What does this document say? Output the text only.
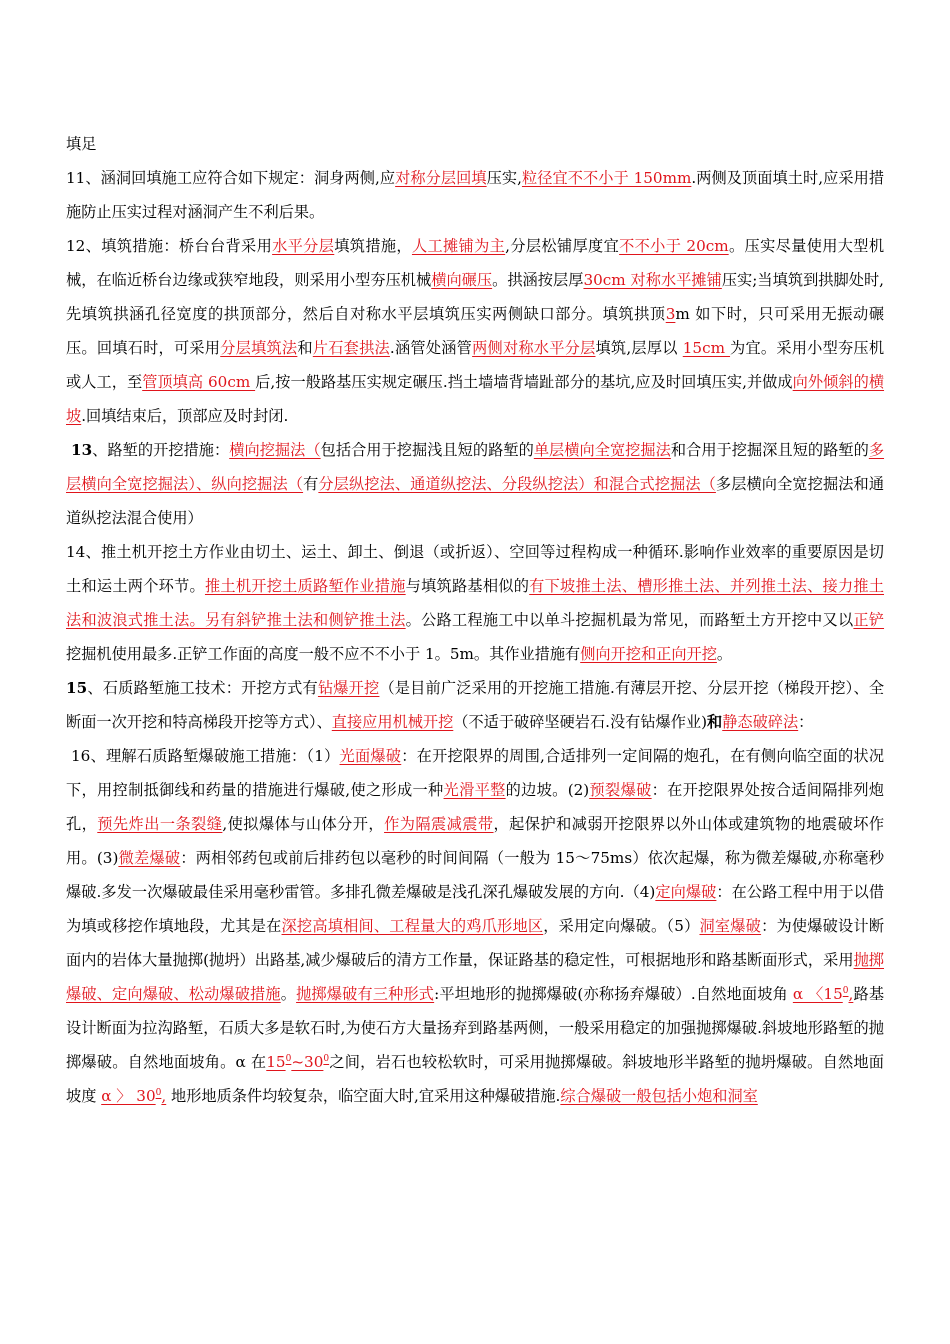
填足

11、涵洞回填施工应符合如下规定：洞身两侧,应对称分层回填压实,粒径宜不不小于 150mm.两侧及顶面填土时,应采用措施防止压实过程对涵洞产生不利后果。

12、填筑措施：桥台台背采用水平分层填筑措施，人工摊铺为主,分层松铺厚度宜不不小于 20cm。压实尽量使用大型机械，在临近桥台边缘或狭窄地段，则采用小型夯压机械横向碾压。拱涵按层厚30cm 对称水平摊铺压实;当填筑到拱脚处时,先填筑拱涵孔径宽度的拱顶部分，然后自对称水平层填筑压实两侧缺口部分。填筑拱顶3m 如下时，只可采用无振动碾压。回填石时，可采用分层填筑法和片石套拱法.涵管处涵管两侧对称水平分层填筑,层厚以 15cm 为宜。采用小型夯压机或人工，至管顶填高 60cm 后,按一般路基压实规定碾压.挡土墙墙背墙趾部分的基坑,应及时回填压实,并做成向外倾斜的横坡.回填结束后，顶部应及时封闭.

13、路堑的开挖措施：横向挖掘法（包括合用于挖掘浅且短的路堑的单层横向全宽挖掘法和合用于挖掘深且短的路堑的多层横向全宽挖掘法）、纵向挖掘法（有分层纵挖法、通道纵挖法、分段纵挖法）和混合式挖掘法（多层横向全宽挖掘法和通道纵挖法混合使用）

14、推土机开挖土方作业由切土、运土、卸土、倒退（或折返）、空回等过程构成一种循环.影响作业效率的重要原因是切土和运土两个环节。推土机开挖土质路堑作业措施与填筑路基相似的有下坡推土法、槽形推土法、并列推土法、接力推土法和波浪式推土法。另有斜铲推土法和侧铲推土法。公路工程施工中以单斗挖掘机最为常见，而路堑土方开挖中又以正铲挖掘机使用最多.正铲工作面的高度一般不应不不小于 1。5m。其作业措施有侧向开挖和正向开挖。

15、石质路堑施工技术：开挖方式有钻爆开挖（是目前广泛采用的开挖施工措施.有薄层开挖、分层开挖（梯段开挖）、全断面一次开挖和特高梯段开挖等方式）、直接应用机械开挖（不适于破碎坚硬岩石.没有钻爆作业)和静态破碎法：

16、理解石质路堑爆破施工措施：（1）光面爆破：在开挖限界的周围,合适排列一定间隔的炮孔，在有侧向临空面的状况下，用控制抵御线和药量的措施进行爆破,使之形成一种光滑平整的边坡。(2)预裂爆破：在开挖限界处按合适间隔排列炮孔，预先炸出一条裂缝,使拟爆体与山体分开，作为隔震减震带，起保护和减弱开挖限界以外山体或建筑物的地震破坏作用。(3)微差爆破：两相邻药包或前后排药包以毫秒的时间间隔（一般为 15～75ms）依次起爆，称为微差爆破,亦称毫秒爆破.多发一次爆破最佳采用毫秒雷管。多排孔微差爆破是浅孔深孔爆破发展的方向.（4)定向爆破：在公路工程中用于以借为填或移挖作填地段，尤其是在深挖高填相间、工程量大的鸡爪形地区，采用定向爆破。（5）洞室爆破：为使爆破设计断面内的岩体大量抛掷(抛坍）出路基,减少爆破后的清方工作量，保证路基的稳定性，可根据地形和路基断面形式，采用抛掷爆破、定向爆破、松动爆破措施。抛掷爆破有三种形式:平坦地形的抛掷爆破(亦称扬弃爆破）.自然地面坡角 α 〈$15^0$,路基设计断面为拉沟路堑，石质大多是软石时,为使石方大量扬弃到路基两侧，一般采用稳定的加强抛掷爆破.斜坡地形路堑的抛掷爆破。自然地面坡角。α 在$15^0\sim 30^0$之间，岩石也较松软时，可采用抛掷爆破。斜坡地形半路堑的抛坍爆破。自然地面坡度 α 〉 $30^0$, 地形地质条件均较复杂，临空面大时,宜采用这种爆破措施.综合爆破一般包括小炮和洞室
